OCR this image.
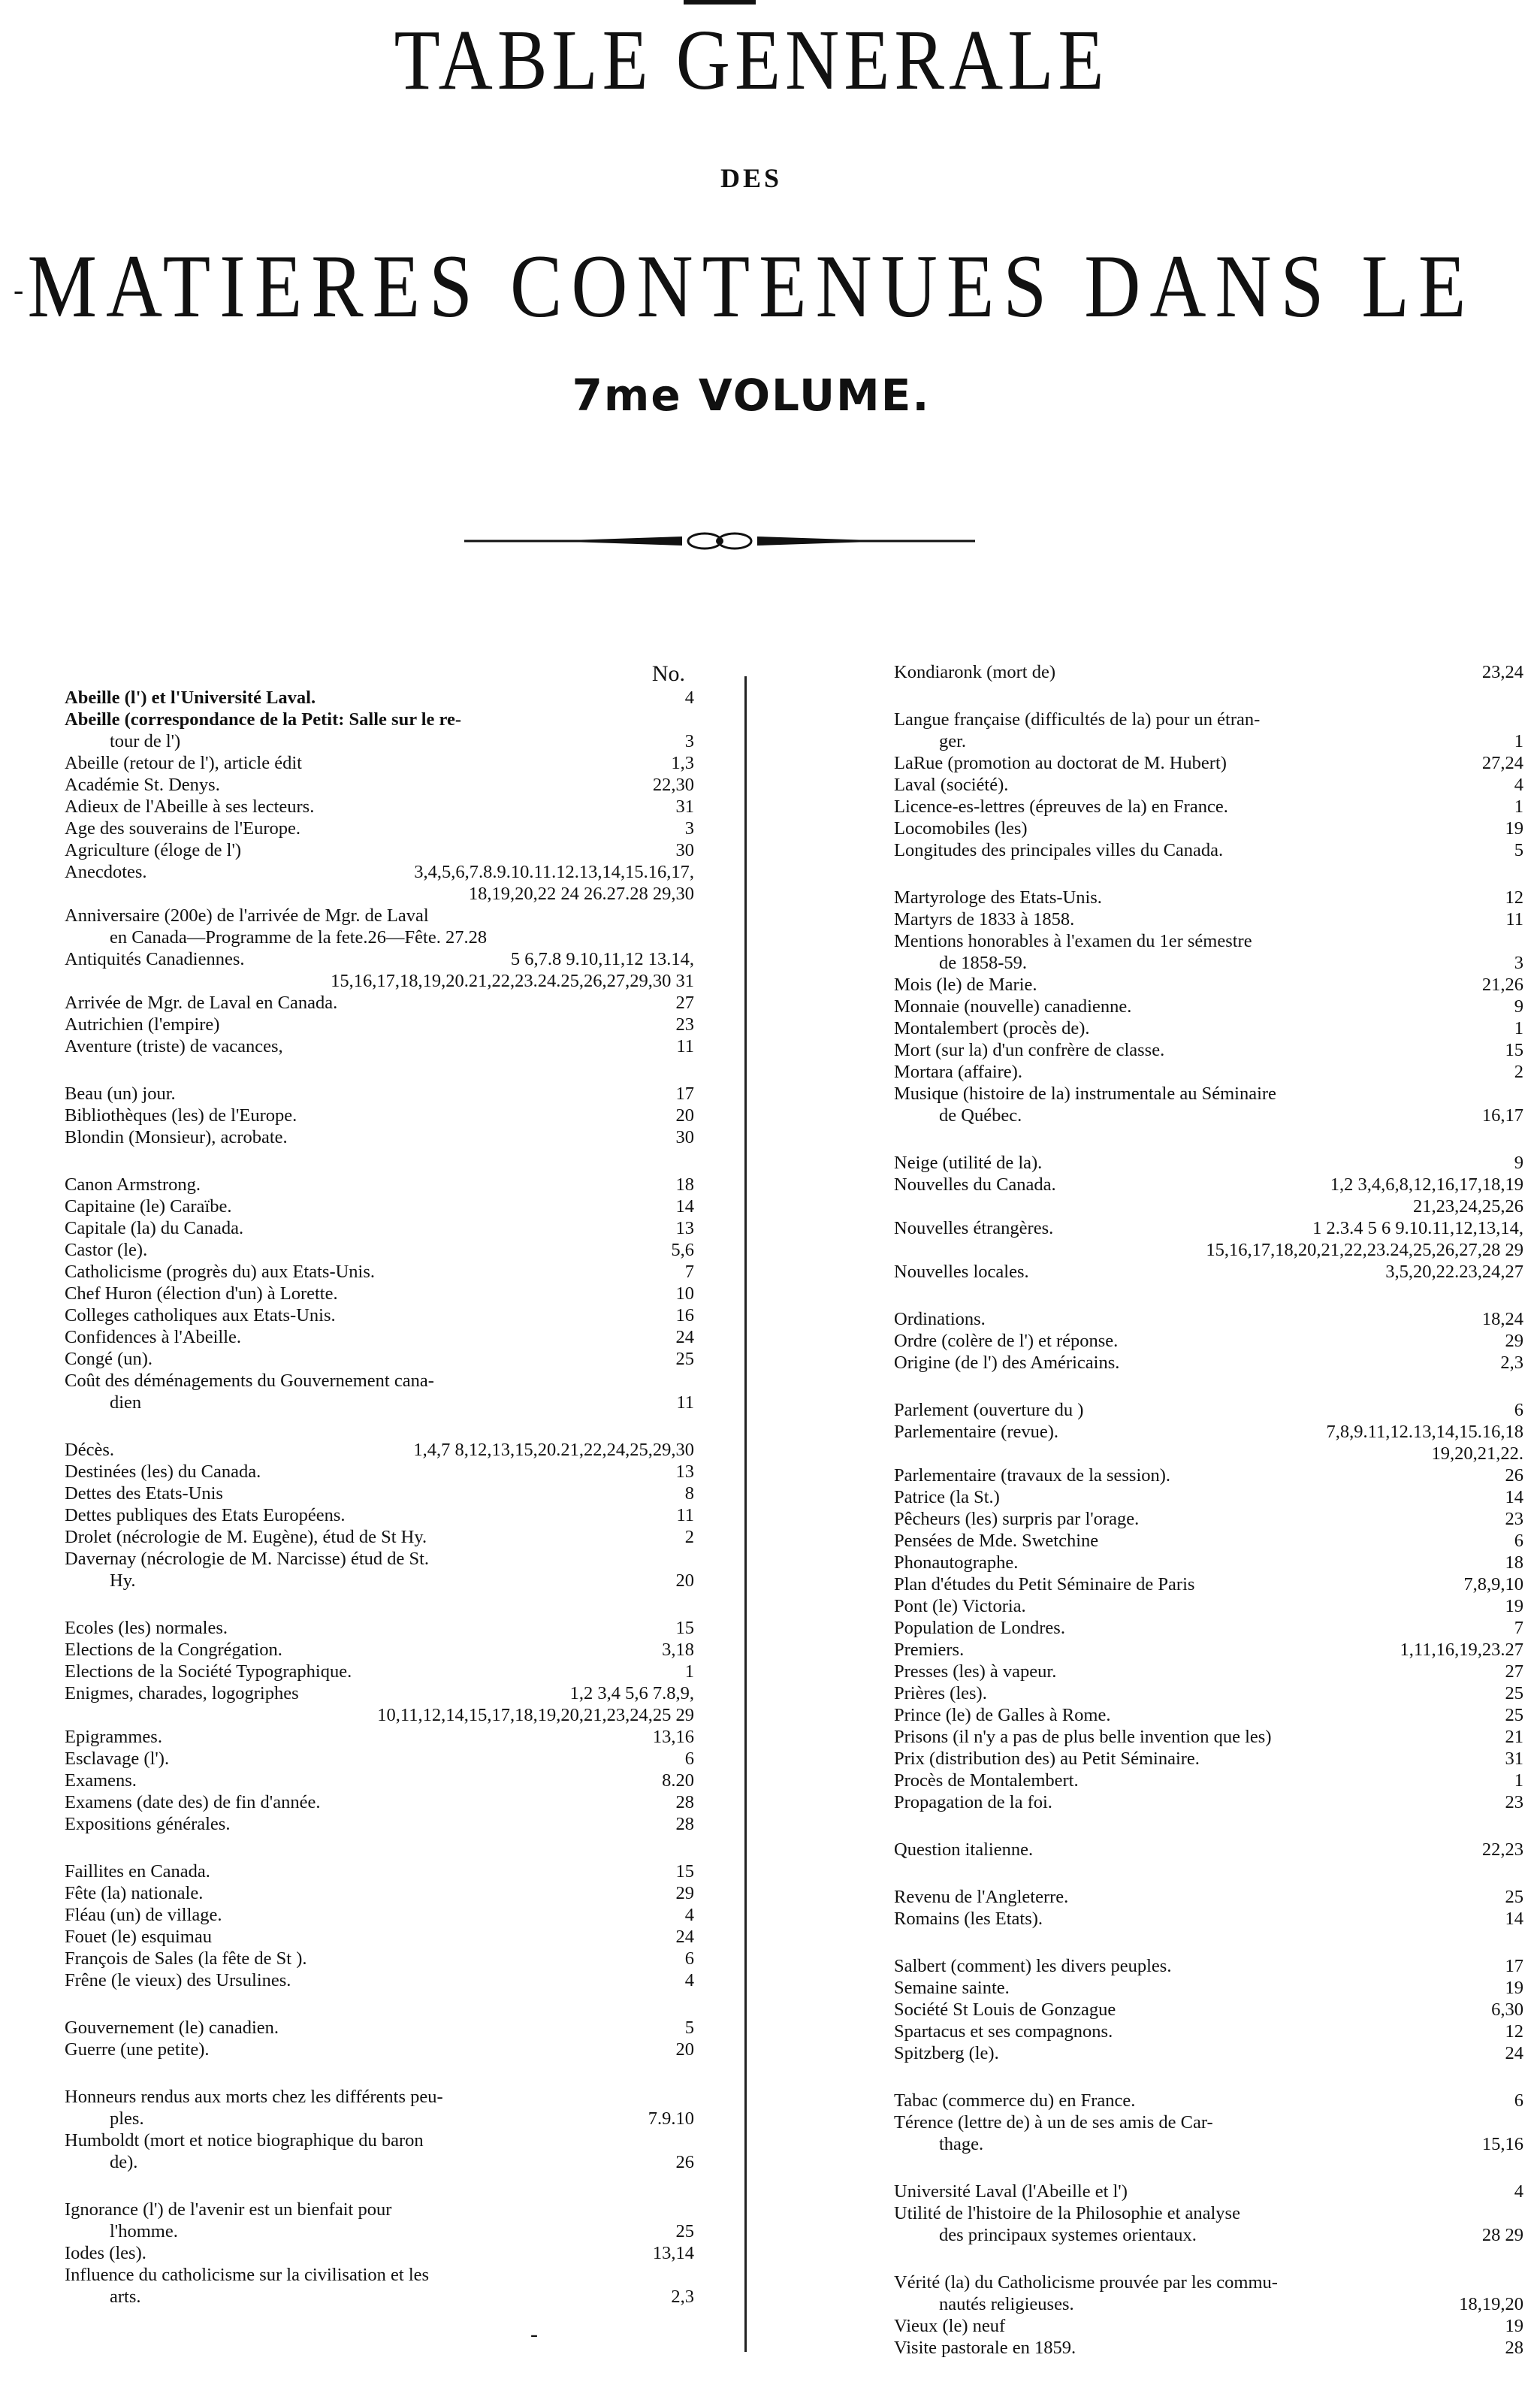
TABLE GENERALE
DES
- MATIERES CONTENUES DANS LE
7me VOLUME.
No.
Abeille (l') et l'Université Laval.	4
Abeille (correspondance de la Petit: Salle sur le re-
tour de l')	3
Abeille (retour de l'), article édit	1,3
Académie St. Denys.	22,30
Adieux de l'Abeille à ses lecteurs.	31
Age des souverains de l'Europe.	3
Agriculture (éloge de l')	30
Anecdotes.	3,4,5,6,7.8.9.10.11.12.13,14,15.16,17,
18,19,20,22 24 26.27.28 29,30
Anniversaire (200e) de l'arrivée de Mgr. de Laval
en Canada—Programme de la fete.26—Fête. 27.28
Antiquités Canadiennes.	5 6,7.8 9.10,11,12 13.14,
15,16,17,18,19,20.21,22,23.24.25,26,27,29,30 31
Arrivée de Mgr. de Laval en Canada.	27
Autrichien (l'empire)	23
Aventure (triste) de vacances,	11
Beau (un) jour.	17
Bibliothèques (les) de l'Europe.	20
Blondin (Monsieur), acrobate.	30
Canon Armstrong.	18
Capitaine (le) Caraïbe.	14
Capitale (la) du Canada.	13
Castor (le).	5,6
Catholicisme (progrès du) aux Etats-Unis.	7
Chef Huron (élection d'un) à Lorette.	10
Colleges catholiques aux Etats-Unis.	16
Confidences à l'Abeille.	24
Congé (un).	25
Coût des déménagements du Gouvernement cana-
dien	11
Décès.	1,4,7 8,12,13,15,20.21,22,24,25,29,30
Destinées (les) du Canada.	13
Dettes des Etats-Unis	8
Dettes publiques des Etats Européens.	11
Drolet (nécrologie de M. Eugène), étud de St Hy.	2
Davernay (nécrologie de M. Narcisse) étud de St.
Hy.	20
Ecoles (les) normales.	15
Elections de la Congrégation.	3,18
Elections de la Société Typographique.	1
Enigmes, charades, logogriphes	1,2 3,4 5,6 7.8,9,
10,11,12,14,15,17,18,19,20,21,23,24,25 29
Epigrammes.	13,16
Esclavage (l').	6
Examens.	8.20
Examens (date des) de fin d'année.	28
Expositions générales.	28
Faillites en Canada.	15
Fête (la) nationale.	29
Fléau (un) de village.	4
Fouet (le) esquimau	24
François de Sales (la fête de St ).	6
Frêne (le vieux) des Ursulines.	4
Gouvernement (le) canadien.	5
Guerre (une petite).	20
Honneurs rendus aux morts chez les différents peu-
ples.	7.9.10
Humboldt (mort et notice biographique du baron
de).	26
Ignorance (l') de l'avenir est un bienfait pour
l'homme.	25
Iodes (les).	13,14
Influence du catholicisme sur la civilisation et les
arts.	2,3
Kondiaronk (mort de)	23,24
Langue française (difficultés de la) pour un étran-
ger.	1
LaRue (promotion au doctorat de M. Hubert)	27,24
Laval (société).	4
Licence-es-lettres (épreuves de la) en France.	1
Locomobiles (les)	19
Longitudes des principales villes du Canada.	5
Martyrologe des Etats-Unis.	12
Martyrs de 1833 à 1858.	11
Mentions honorables à l'examen du 1er sémestre
de 1858-59.	3
Mois (le) de Marie.	21,26
Monnaie (nouvelle) canadienne.	9
Montalembert (procès de).	1
Mort (sur la) d'un confrère de classe.	15
Mortara (affaire).	2
Musique (histoire de la) instrumentale au Séminaire
de Québec.	16,17
Neige (utilité de la).	9
Nouvelles du Canada.	1,2 3,4,6,8,12,16,17,18,19
21,23,24,25,26
Nouvelles étrangères.	1 2.3.4 5 6 9.10.11,12,13,14,
15,16,17,18,20,21,22,23.24,25,26,27,28 29
Nouvelles locales.	3,5,20,22.23,24,27
Ordinations.	18,24
Ordre (colère de l') et réponse.	29
Origine (de l') des Américains.	2,3
Parlement (ouverture du )	6
Parlementaire (revue).	7,8,9.11,12.13,14,15.16,18
19,20,21,22.
Parlementaire (travaux de la session).	26
Patrice (la St.)	14
Pêcheurs (les) surpris par l'orage.	23
Pensées de Mde. Swetchine	6
Phonautographe.	18
Plan d'études du Petit Séminaire de Paris	7,8,9,10
Pont (le) Victoria.	19
Population de Londres.	7
Premiers.	1,11,16,19,23.27
Presses (les) à vapeur.	27
Prières (les).	25
Prince (le) de Galles à Rome.	25
Prisons (il n'y a pas de plus belle invention que les)	21
Prix (distribution des) au Petit Séminaire.	31
Procès de Montalembert.	1
Propagation de la foi.	23
Question italienne.	22,23
Revenu de l'Angleterre.	25
Romains (les Etats).	14
Salbert (comment) les divers peuples.	17
Semaine sainte.	19
Société St Louis de Gonzague	6,30
Spartacus et ses compagnons.	12
Spitzberg (le).	24
Tabac (commerce du) en France.	6
Térence (lettre de) à un de ses amis de Car-
thage.	15,16
Université Laval (l'Abeille et l')	4
Utilité de l'histoire de la Philosophie et analyse
des principaux systemes orientaux.	28 29
Vérité (la) du Catholicisme prouvée par les commu-
nautés religieuses.	18,19,20
Vieux (le) neuf	19
Visite pastorale en 1859.	28
-
